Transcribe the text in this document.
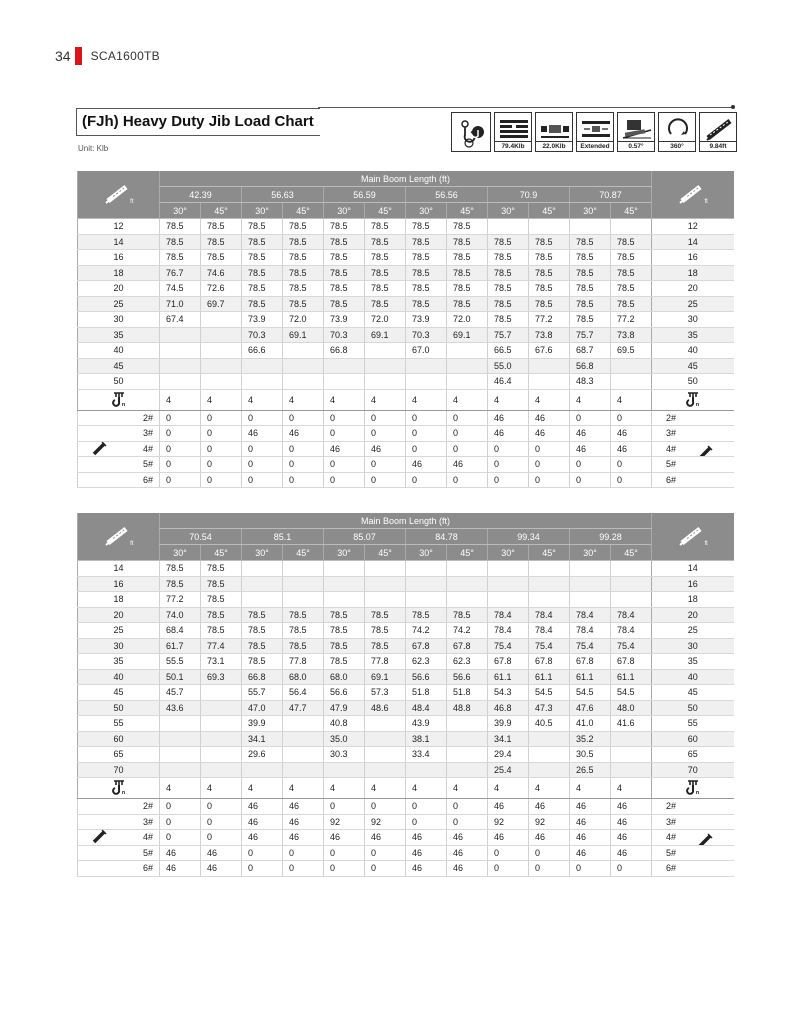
34 SCA1600TB
(FJh) Heavy Duty Jib Load Chart
Unit: Klb	79.4Klb	22.0Klb	Extended	0.57°	360°	9.84ft
ft	Main Boom Length (ft)												ft

	42.39		56.63		56.59		56.56		70.9		70.87		
	30°	45°	30°	45°	30°	45°	30°	45°	30°	45°	30°	45°	
12	78.5	78.5	78.5	78.5	78.5	78.5	78.5	78.5					12
14	78.5	78.5	78.5	78.5	78.5	78.5	78.5	78.5	78.5	78.5	78.5	78.5	14
16	78.5	78.5	78.5	78.5	78.5	78.5	78.5	78.5	78.5	78.5	78.5	78.5	16
18	76.7	74.6	78.5	78.5	78.5	78.5	78.5	78.5	78.5	78.5	78.5	78.5	18
20	74.5	72.6	78.5	78.5	78.5	78.5	78.5	78.5	78.5	78.5	78.5	78.5	20
25	71.0	69.7	78.5	78.5	78.5	78.5	78.5	78.5	78.5	78.5	78.5	78.5	25
30	67.4		73.9	72.0	73.9	72.0	73.9	72.0	78.5	77.2	78.5	77.2	30
35			70.3	69.1	70.3	69.1	70.3	69.1	75.7	73.8	75.7	73.8	35
40			66.6		66.8		67.0		66.5	67.6	68.7	69.5	40
45									55.0		56.8		45
50									46.4		48.3		50

n	4	4	4	4	4	4	4	4	4	4	4	4	n

2#	0	0	0	0	0	0	0	0	46	46	0	0	2#
3#	0	0	46	46	0	0	0	0	46	46	46	46	3#

4#	0	0	0	0	46	46	0	0	0	0	46	46	4#

5#	0	0	0	0	0	0	46	46	0	0	0	0	5#
6#	0	0	0	0	0	0	0	0	0	0	0	0	6#
ft	Main Boom Length (ft)												ft

	70.54		85.1		85.07		84.78		99.34		99.28		
	30°	45°	30°	45°	30°	45°	30°	45°	30°	45°	30°	45°	
14	78.5	78.5											14
16	78.5	78.5											16
18	77.2	78.5											18
20	74.0	78.5	78.5	78.5	78.5	78.5	78.5	78.5	78.4	78.4	78.4	78.4	20
25	68.4	78.5	78.5	78.5	78.5	78.5	74.2	74.2	78.4	78.4	78.4	78.4	25
30	61.7	77.4	78.5	78.5	78.5	78.5	67.8	67.8	75.4	75.4	75.4	75.4	30
35	55.5	73.1	78.5	77.8	78.5	77.8	62.3	62.3	67.8	67.8	67.8	67.8	35
40	50.1	69.3	66.8	68.0	68.0	69.1	56.6	56.6	61.1	61.1	61.1	61.1	40
45	45.7		55.7	56.4	56.6	57.3	51.8	51.8	54.3	54.5	54.5	54.5	45
50	43.6		47.0	47.7	47.9	48.6	48.4	48.8	46.8	47.3	47.6	48.0	50
55			39.9		40.8		43.9		39.9	40.5	41.0	41.6	55
60			34.1		35.0		38.1		34.1		35.2		60
65			29.6		30.3		33.4		29.4		30.5		65
70									25.4		26.5		70

n	4	4	4	4	4	4	4	4	4	4	4	4	n

2#	0	0	46	46	0	0	0	0	46	46	46	46	2#
3#	0	0	46	46	92	92	0	0	92	92	46	46	3#

4#	0	0	46	46	46	46	46	46	46	46	46	46	4#

5#	46	46	0	0	0	0	46	46	0	0	46	46	5#
6#	46	46	0	0	0	0	46	46	0	0	0	0	6#
